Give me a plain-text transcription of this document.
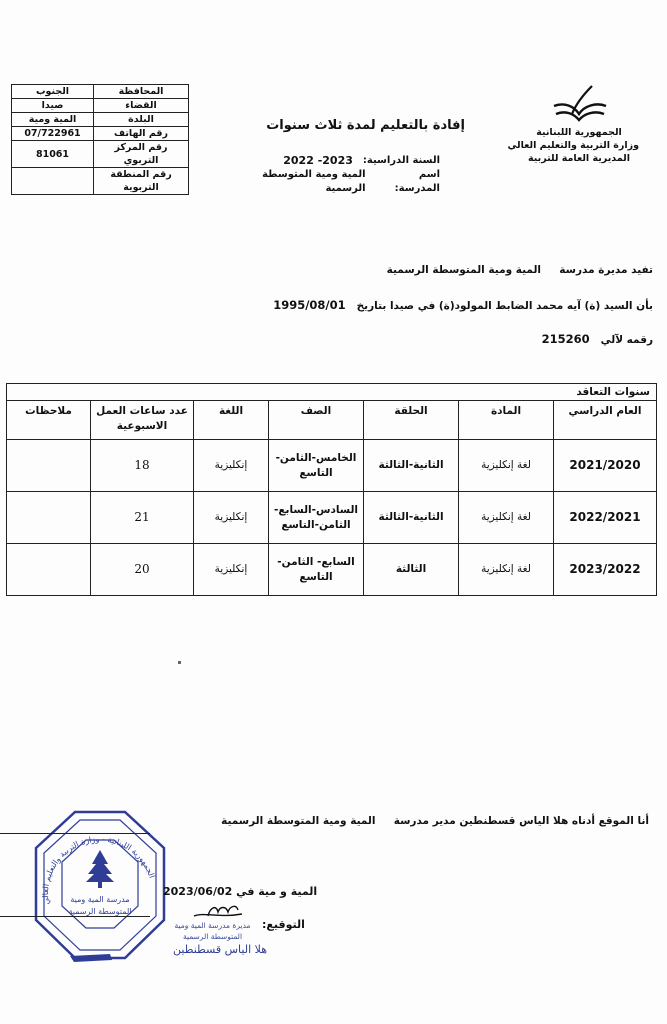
الجمهورية اللبنانية
وزارة التربية والتعليم العالي
المديرية العامة للتربية
المحافظة	الجنوب
القضاء	صيدا
البلدة	المية ومية
رقم الهاتف	07/722961
رقم المركز التربوي	81061
رقم المنطقة التربوية	
إفادة بالتعليم لمدة ثلاث سنوات
السنة الدراسية:
2022 -2023
اسم المدرسة:
المية ومية المتوسطة الرسمية
تفيد مديرة مدرسة     المية ومية المتوسطة الرسمية
بأن السيد (ة) آيه محمد الضابط المولود(ة) في صيدا بتاريخ   1995/08/01
رقمه لآلي   215260
سنوات التعاقد						
العام الدراسي	المادة	الحلقة	الصف	اللغة	عدد ساعات العمل الاسبوعية	ملاحظات
2021/2020	لغة إنكليزية	الثانية-الثالثة	الخامس-الثامن-
التاسع	إنكليزية	18	
2022/2021	لغة إنكليزية	الثانية-الثالثة	السادس-السابع-
الثامن-التاسع	إنكليزية	21	
2023/2022	لغة إنكليزية	الثالثة	السابع- الثامن-
التاسع	إنكليزية	20	
أنا الموقع أدناه هلا الياس قسطنطين مدير مدرسة     المية ومية المتوسطة الرسمية
مدرسة المية ومية
المتوسطة الرسمية
الجمهورية اللبنانية - وزارة التربية والتعليم العالي
المية و مية في 2023/06/02
التوقيع:
مديرة مدرسة المية ومية
المتوسطة الرسمية
هلا الياس قسطنطين
